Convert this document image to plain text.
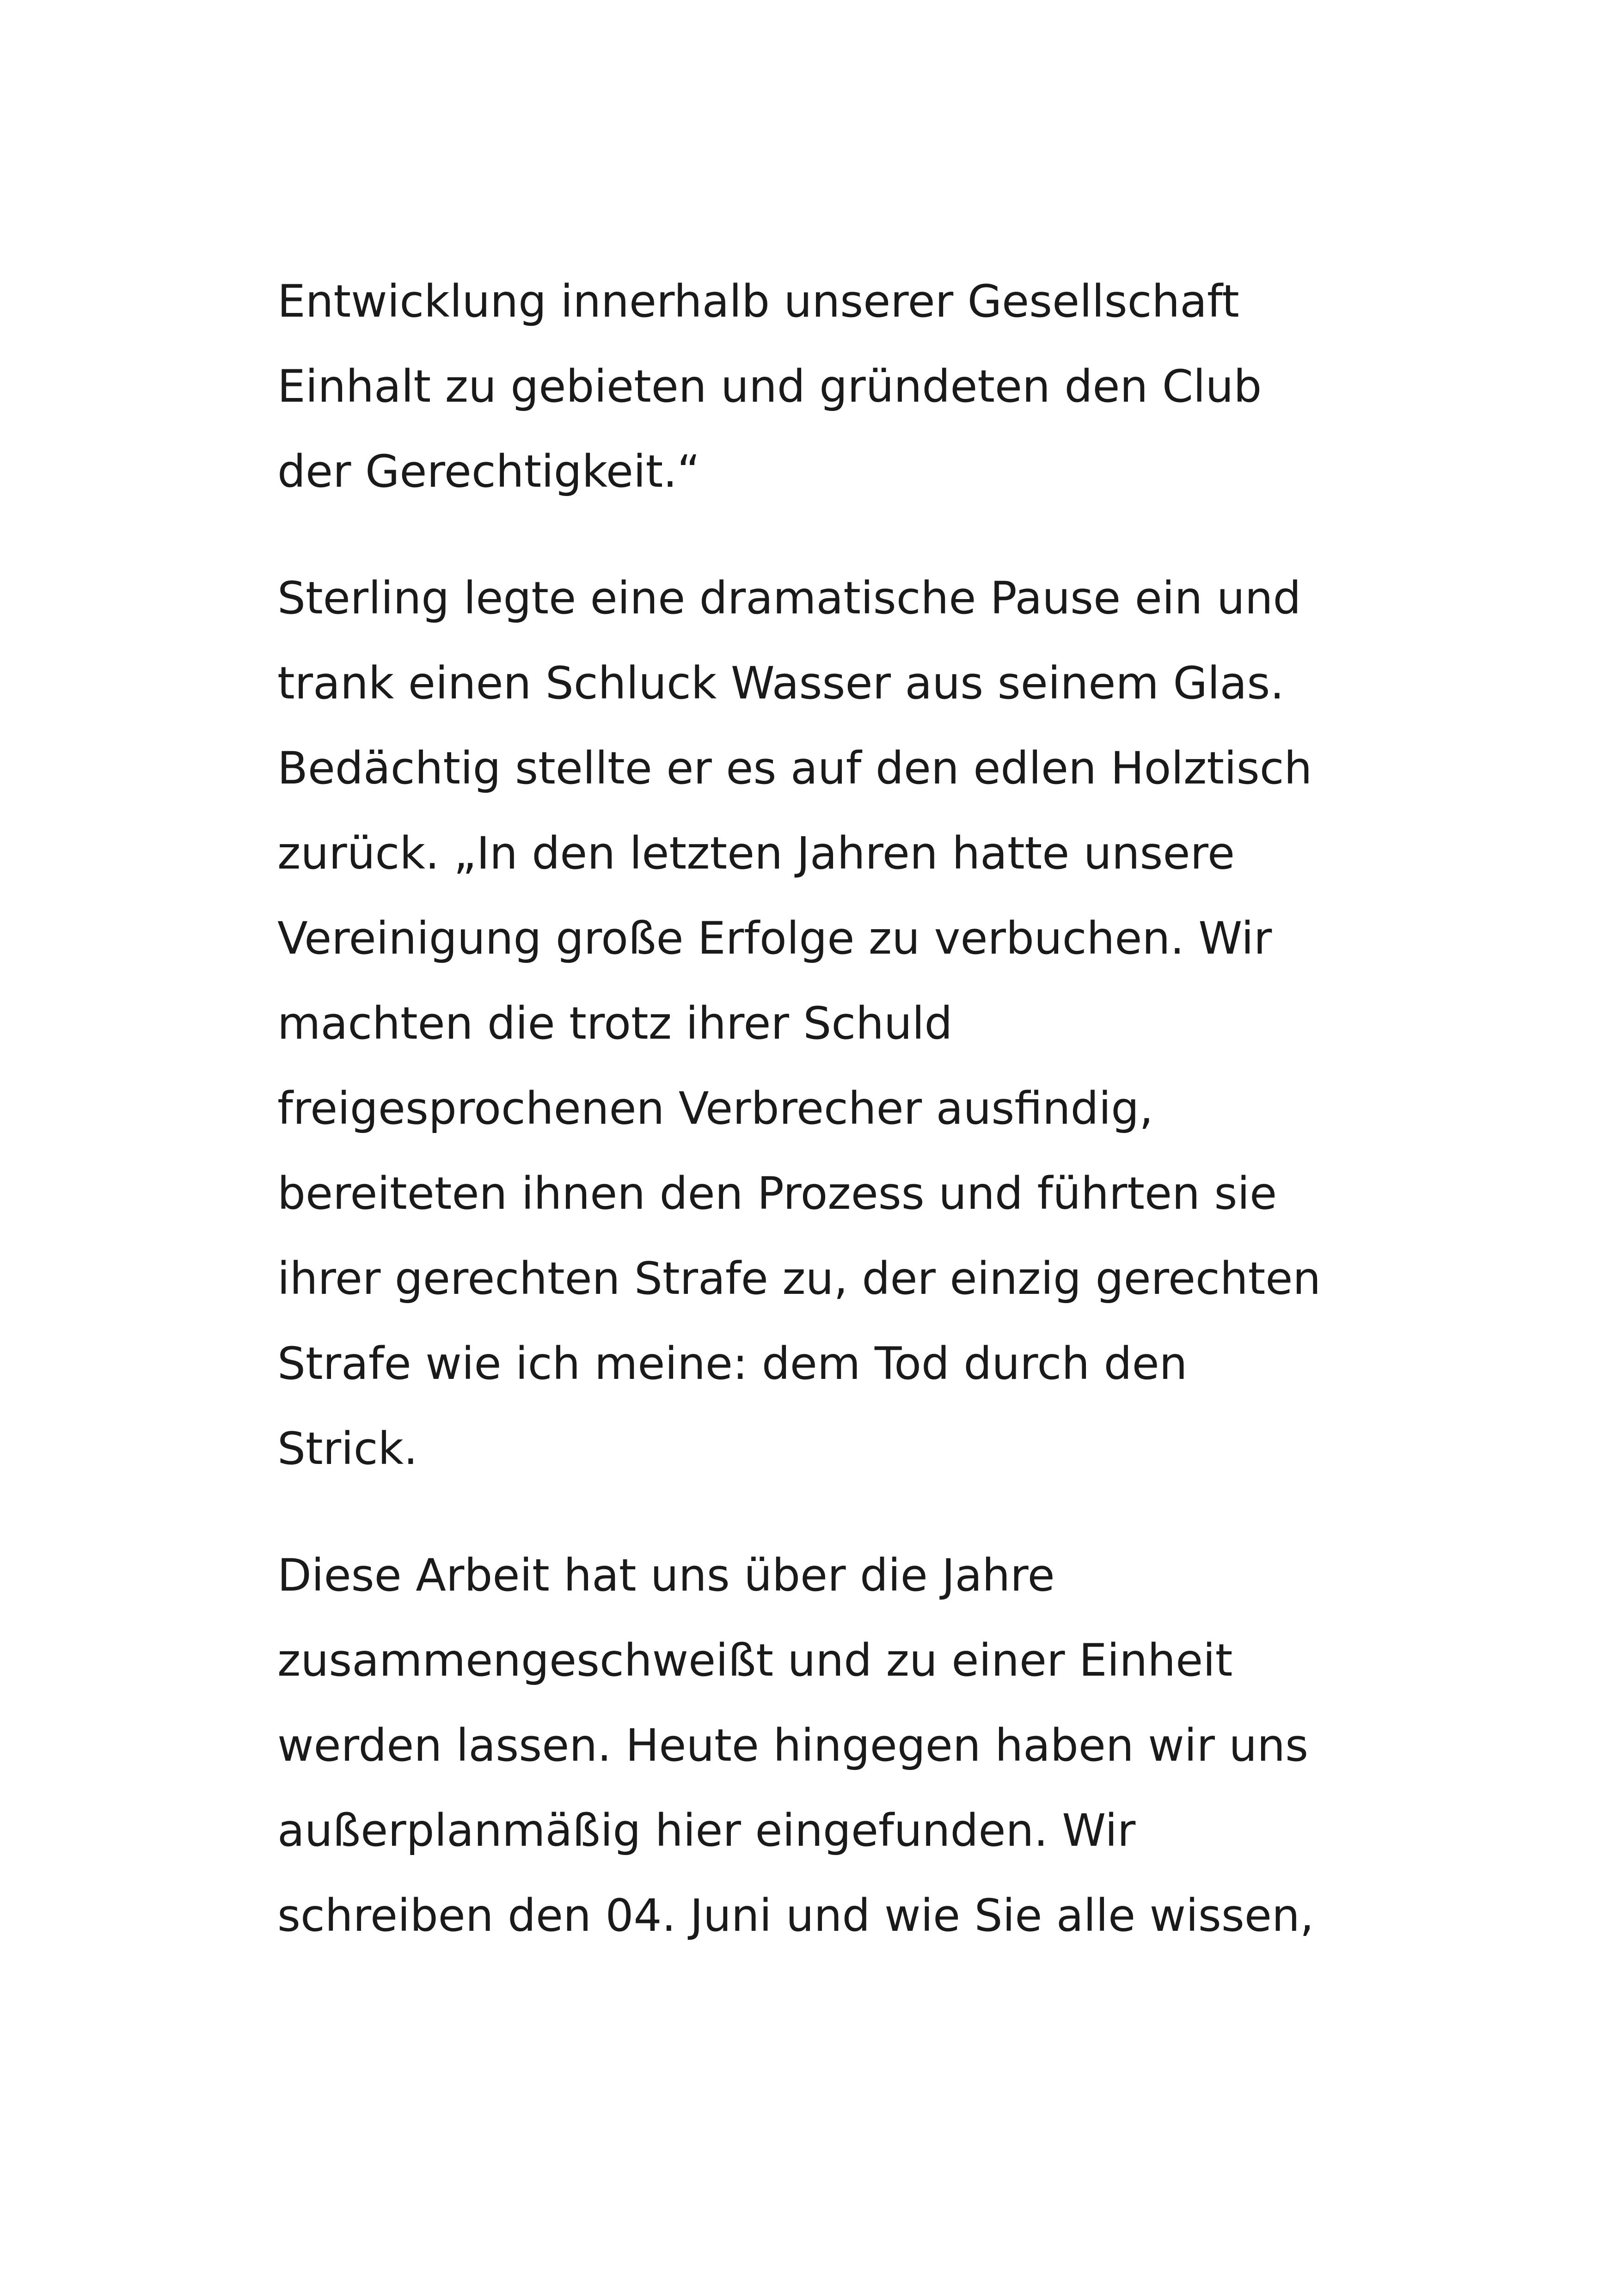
Entwicklung innerhalb unserer Gesellschaft
Einhalt zu gebieten und gründeten den Club
der Gerechtigkeit.“

Sterling legte eine dramatische Pause ein und
trank einen Schluck Wasser aus seinem Glas.
Bedächtig stellte er es auf den edlen Holztisch
zurück. „In den letzten Jahren hatte unsere
Vereinigung große Erfolge zu verbuchen. Wir
machten die trotz ihrer Schuld
freigesprochenen Verbrecher ausfindig,
bereiteten ihnen den Prozess und führten sie
ihrer gerechten Strafe zu, der einzig gerechten
Strafe wie ich meine: dem Tod durch den
Strick.

Diese Arbeit hat uns über die Jahre
zusammengeschweißt und zu einer Einheit
werden lassen. Heute hingegen haben wir uns
außerplanmäßig hier eingefunden. Wir
schreiben den 04. Juni und wie Sie alle wissen,
